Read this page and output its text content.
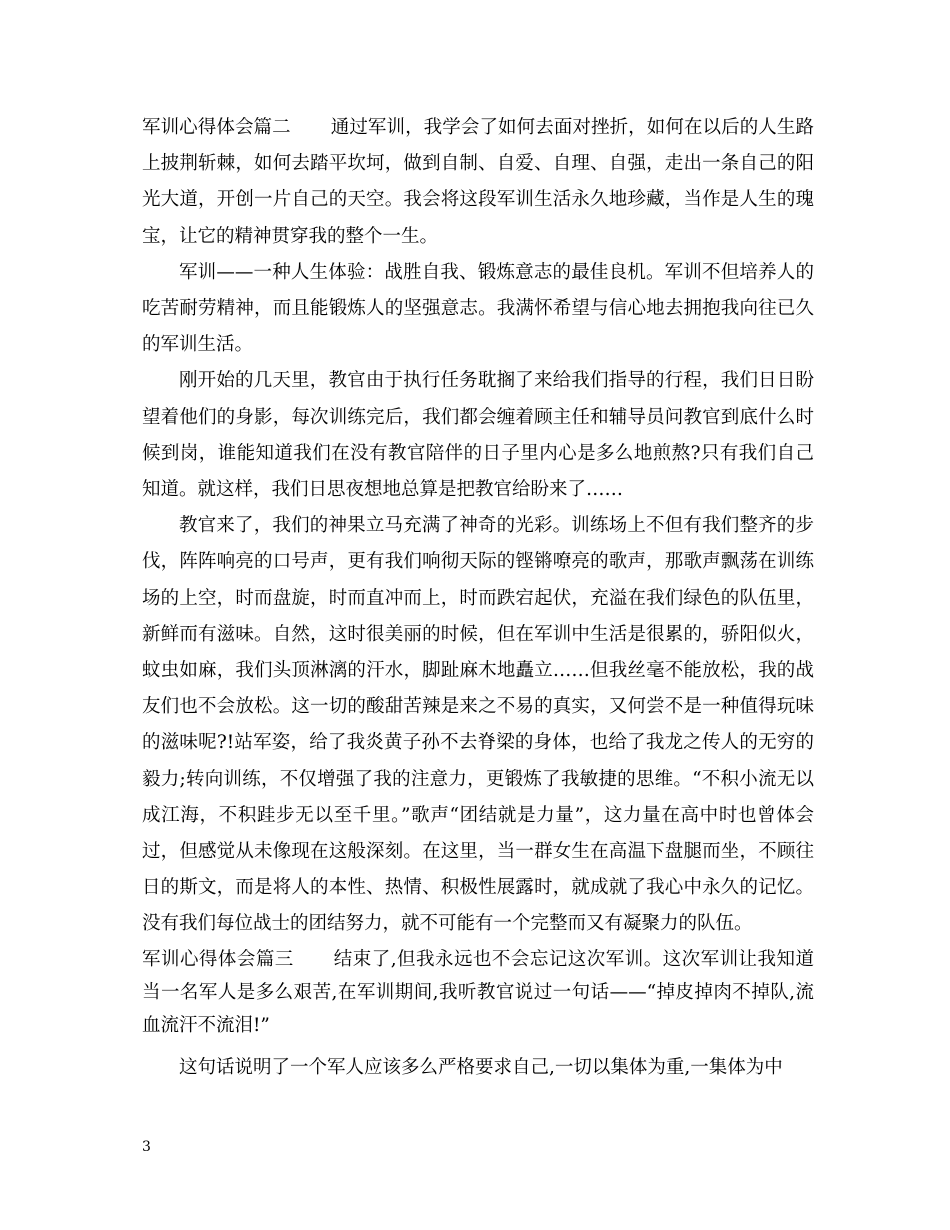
军训心得体会篇二 通过军训，我学会了如何去面对挫折，如何在以后的人生路上披荆斩棘，如何去踏平坎坷，做到自制、自爱、自理、自强，走出一条自己的阳光大道，开创一片自己的天空。我会将这段军训生活永久地珍藏，当作是人生的瑰宝，让它的精神贯穿我的整个一生。

军训——一种人生体验：战胜自我、锻炼意志的最佳良机。军训不但培养人的吃苦耐劳精神，而且能锻炼人的坚强意志。我满怀希望与信心地去拥抱我向往已久的军训生活。

刚开始的几天里，教官由于执行任务耽搁了来给我们指导的行程，我们日日盼望着他们的身影，每次训练完后，我们都会缠着顾主任和辅导员问教官到底什么时候到岗，谁能知道我们在没有教官陪伴的日子里内心是多么地煎熬?只有我们自己知道。就这样，我们日思夜想地总算是把教官给盼来了……

教官来了，我们的神果立马充满了神奇的光彩。训练场上不但有我们整齐的步伐，阵阵响亮的口号声，更有我们响彻天际的铿锵嘹亮的歌声，那歌声飘荡在训练场的上空，时而盘旋，时而直冲而上，时而跌宕起伏，充溢在我们绿色的队伍里，新鲜而有滋味。自然，这时很美丽的时候，但在军训中生活是很累的，骄阳似火，蚊虫如麻，我们头顶淋漓的汗水，脚趾麻木地矗立……但我丝毫不能放松，我的战友们也不会放松。这一切的酸甜苦辣是来之不易的真实，又何尝不是一种值得玩味的滋味呢?!站军姿，给了我炎黄子孙不去脊梁的身体，也给了我龙之传人的无穷的毅力;转向训练，不仅增强了我的注意力，更锻炼了我敏捷的思维。“不积小流无以成江海，不积跬步无以至千里。”歌声“团结就是力量”，这力量在高中时也曾体会过，但感觉从未像现在这般深刻。在这里，当一群女生在高温下盘腿而坐，不顾往日的斯文，而是将人的本性、热情、积极性展露时，就成就了我心中永久的记忆。没有我们每位战士的团结努力，就不可能有一个完整而又有凝聚力的队伍。

军训心得体会篇三 结束了,但我永远也不会忘记这次军训。这次军训让我知道当一名军人是多么艰苦,在军训期间,我听教官说过一句话——“掉皮掉肉不掉队,流血流汗不流泪!”

这句话说明了一个军人应该多么严格要求自己,一切以集体为重,一集体为中

3
